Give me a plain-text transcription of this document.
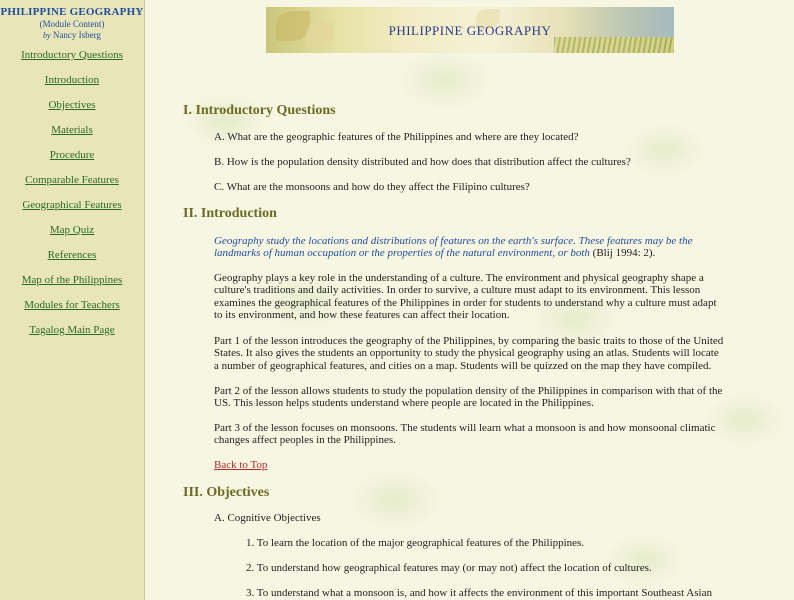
PHILIPPINE GEOGRAPHY
(Module Content)
by Nancy Isberg
Introductory Questions
Introduction
Objectives
Materials
Procedure
Comparable Features
Geographical Features
Map Quiz
References
Map of the Philippines
Modules for Teachers
Tagalog Main Page
PHILIPPINE GEOGRAPHY
I. Introductory Questions
A. What are the geographic features of the Philippines and where are they located?
B. How is the population density distributed and how does that distribution affect the cultures?
C. What are the monsoons and how do they affect the Filipino cultures?
II. Introduction
Geography study the locations and distributions of features on the earth's surface. These features may be the landmarks of human occupation or the properties of the natural environment, or both (Blij 1994: 2).
Geography plays a key role in the understanding of a culture. The environment and physical geography shape a culture's traditions and daily activities. In order to survive, a culture must adapt to its environment. This lesson examines the geographical features of the Philippines in order for students to understand why a culture must adapt to its environment, and how these features can affect their location.
Part 1 of the lesson introduces the geography of the Philippines, by comparing the basic traits to those of the United States. It also gives the students an opportunity to study the physical geography using an atlas. Students will locate a number of geographical features, and cities on a map. Students will be quizzed on the map they have compiled.
Part 2 of the lesson allows students to study the population density of the Philippines in comparison with that of the US. This lesson helps students understand where people are located in the Philippines.
Part 3 of the lesson focuses on monsoons. The students will learn what a monsoon is and how monsoonal climatic changes affect peoples in the Philippines.
Back to Top
III. Objectives
A. Cognitive Objectives
1. To learn the location of the major geographical features of the Philippines.
2. To understand how geographical features may (or may not) affect the location of cultures.
3. To understand what a monsoon is, and how it affects the environment of this important Southeast Asian
